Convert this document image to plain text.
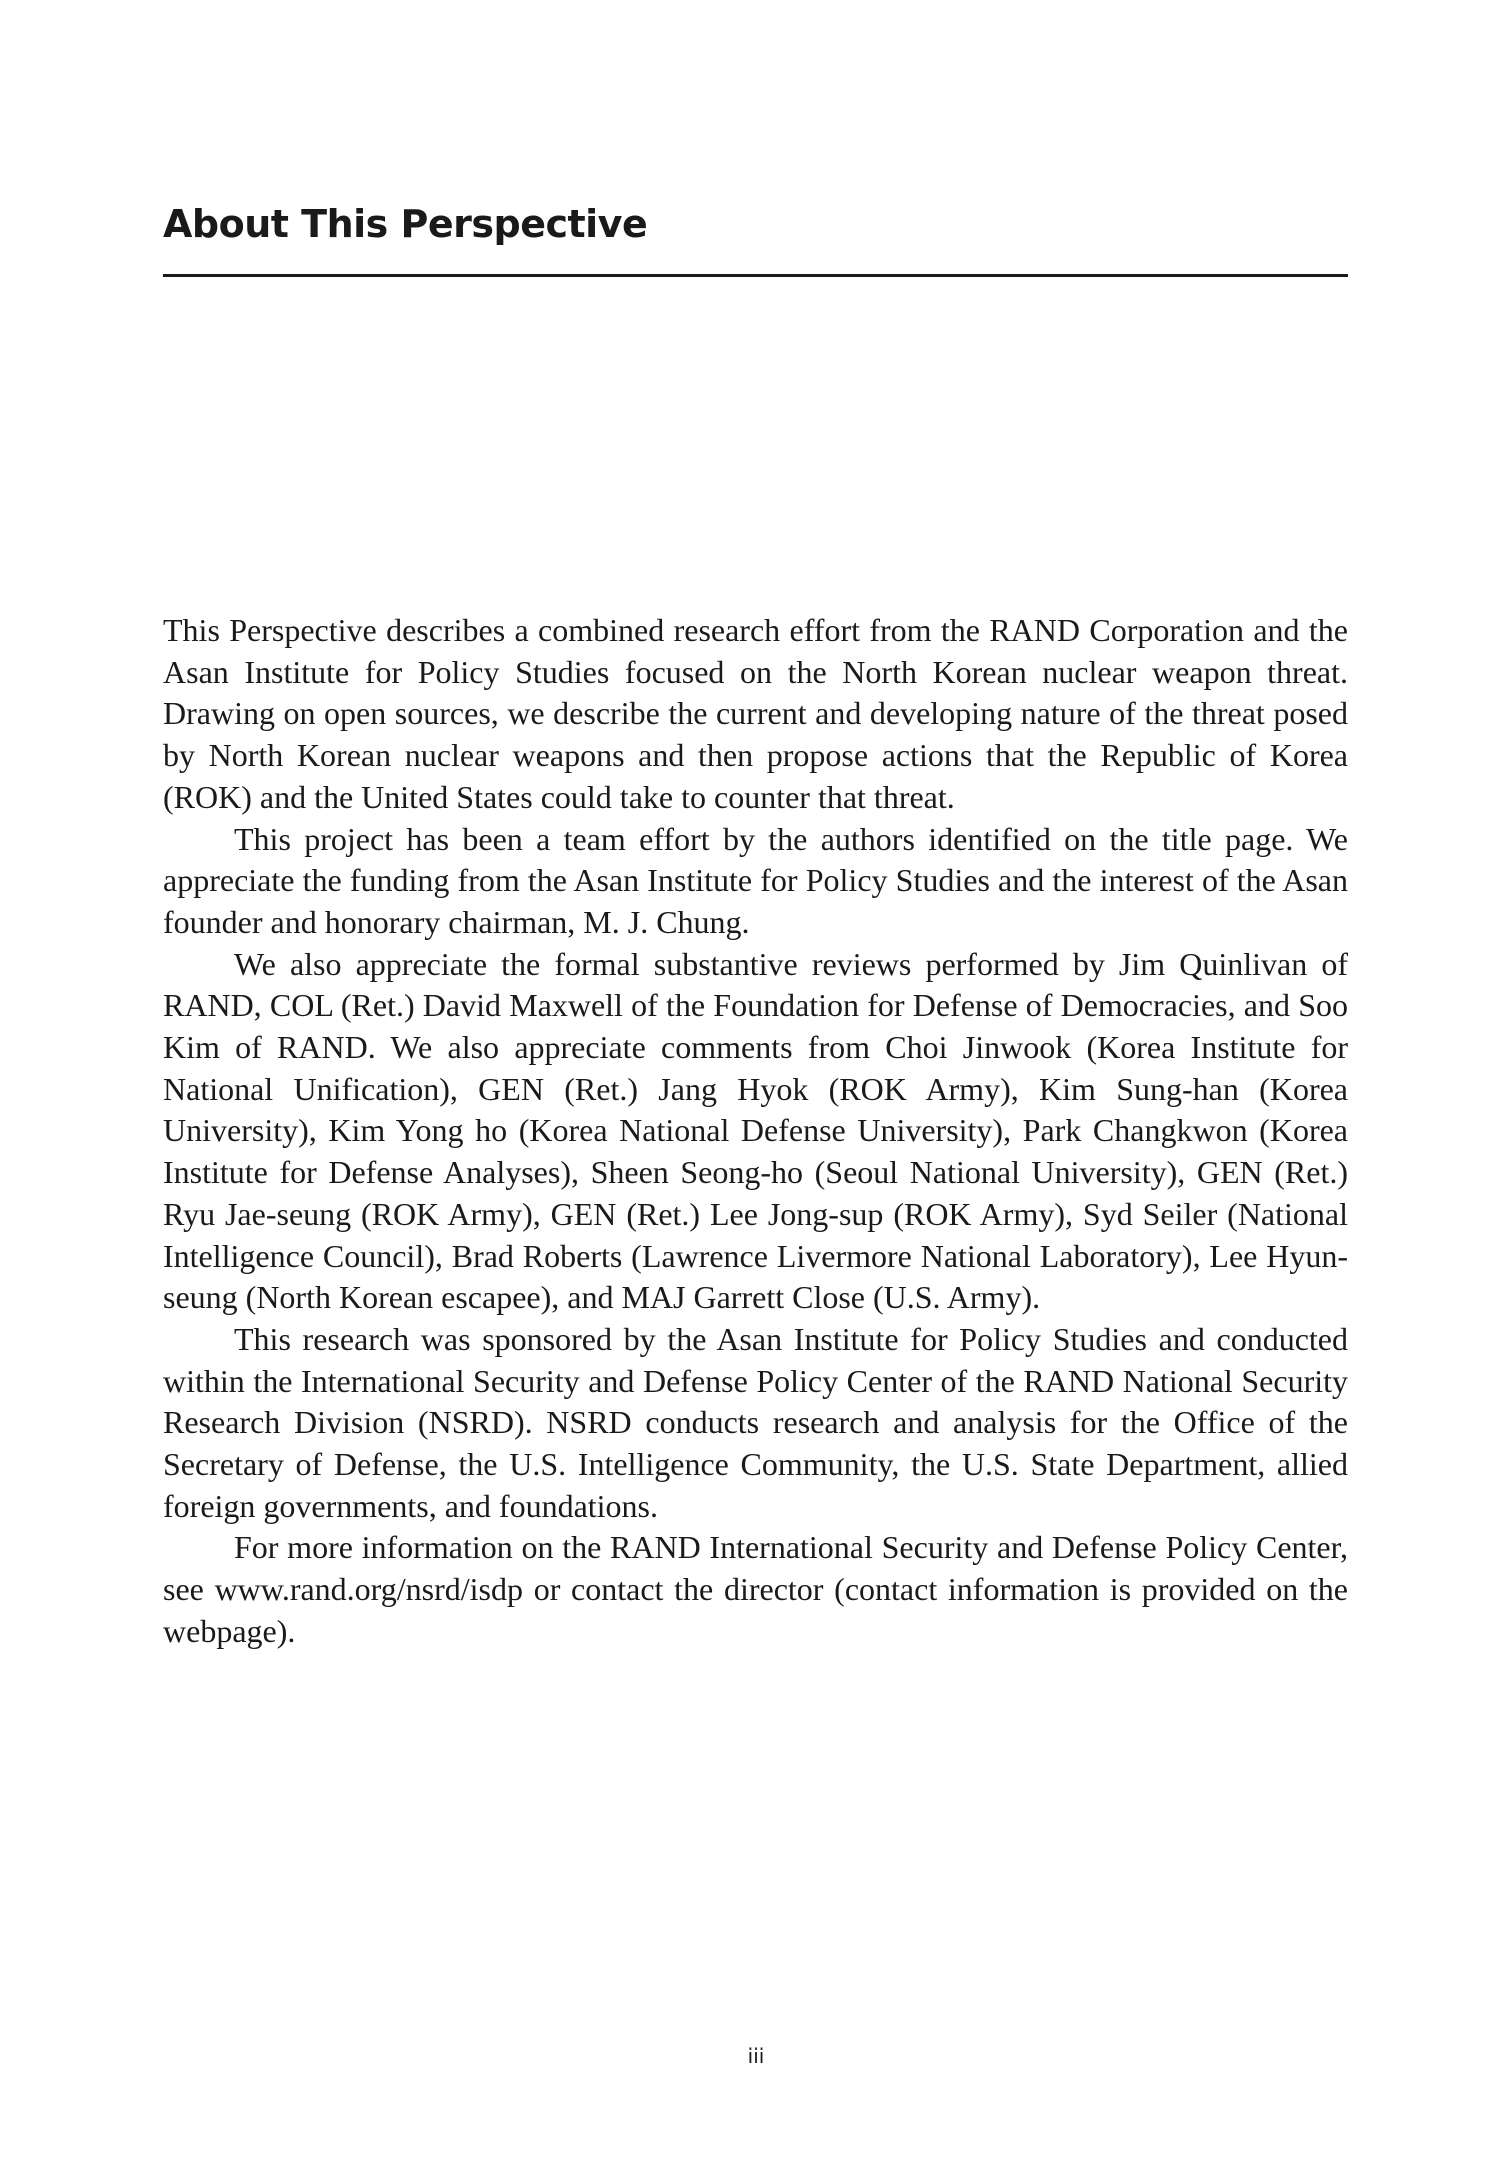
About This Perspective

This Perspective describes a combined research effort from the RAND Corporation and the Asan Institute for Policy Studies focused on the North Korean nuclear weapon threat. Drawing on open sources, we describe the current and developing nature of the threat posed by North Korean nuclear weapons and then propose actions that the Republic of Korea (ROK) and the United States could take to counter that threat.

This project has been a team effort by the authors identified on the title page. We appreciate the funding from the Asan Institute for Policy Studies and the interest of the Asan founder and honorary chairman, M. J. Chung.

We also appreciate the formal substantive reviews performed by Jim Quinlivan of RAND, COL (Ret.) David Maxwell of the Foundation for Defense of Democracies, and Soo Kim of RAND. We also appreciate comments from Choi Jinwook (Korea Institute for National Unification), GEN (Ret.) Jang Hyok (ROK Army), Kim Sung-han (Korea University), Kim Yong ho (Korea National Defense University), Park Changkwon (Korea Institute for Defense Analyses), Sheen Seong-ho (Seoul National University), GEN (Ret.) Ryu Jae-seung (ROK Army), GEN (Ret.) Lee Jong-sup (ROK Army), Syd Seiler (National Intelligence Council), Brad Roberts (Lawrence Livermore National Laboratory), Lee Hyun-seung (North Korean escapee), and MAJ Garrett Close (U.S. Army).

This research was sponsored by the Asan Institute for Policy Studies and conducted within the International Security and Defense Policy Center of the RAND National Security Research Division (NSRD). NSRD conducts research and analysis for the Office of the Secretary of Defense, the U.S. Intelligence Community, the U.S. State Department, allied foreign governments, and foundations.

For more information on the RAND International Security and Defense Policy Center, see www.rand.org/nsrd/isdp or contact the director (contact information is provided on the webpage).

iii
